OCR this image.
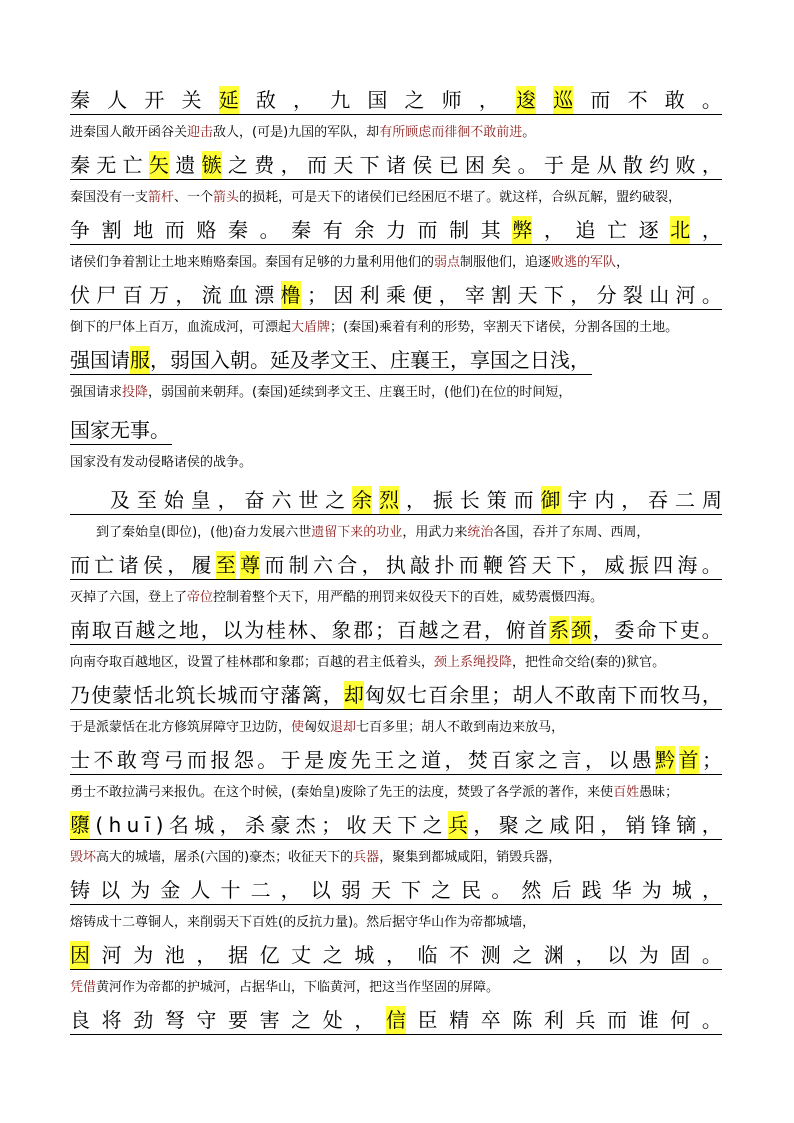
秦 人 开 关 延 敌 ， 九 国 之 师 ， 逡 巡 而 不 敢 。
进秦国人敞开函谷关迎击敌人，(可是)九国的军队，却有所顾虑而徘徊不敢前进。
秦 无 亡 矢 遗 镞 之 费 ， 而 天 下 诸 侯 已 困 矣 。 于 是 从 散 约 败 ，
秦国没有一支箭杆、一个箭头的损耗，可是天下的诸侯们已经困厄不堪了。就这样，合纵瓦解，盟约破裂，
争 割 地 而 赂 秦 。 秦 有 余 力 而 制 其 弊 ， 追 亡 逐 北 ，
诸侯们争着割让土地来贿赂秦国。秦国有足够的力量利用他们的弱点制服他们，追逐败逃的军队，
伏 尸 百 万 ， 流 血 漂 橹 ； 因 利 乘 便 ， 宰 割 天 下 ， 分 裂 山 河 。
倒下的尸体上百万，血流成河，可漂起大盾牌；(秦国)乘着有利的形势，宰割天下诸侯，分割各国的土地。
强国请 服 ，弱国入朝。延及孝文王、庄襄王，享国之日浅，
强国请求投降，弱国前来朝拜。(秦国)延续到孝文王、庄襄王时，(他们)在位的时间短，
国家无事。
国家没有发动侵略诸侯的战争。
及 至 始 皇 ， 奋 六 世 之 余 烈 ， 振 长 策 而 御 宇 内 ， 吞 二 周
到了秦始皇(即位)，(他)奋力发展六世遗留下来的功业，用武力来统治各国，吞并了东周、西周，
而 亡 诸 侯 ， 履 至 尊 而 制 六 合 ， 执 敲 扑 而 鞭 笞 天 下 ， 威 振 四 海 。
灭掉了六国，登上了帝位控制着整个天下，用严酷的刑罚来奴役天下的百姓，威势震慑四海。
南 取 百 越 之 地 ， 以 为 桂 林 、 象 郡 ； 百 越 之 君 ， 俯 首 系 颈 ， 委 命 下 吏 。
向南夺取百越地区，设置了桂林郡和象郡；百越的君主低着头，颈上系绳投降，把性命交给(秦的)狱官。
乃 使 蒙 恬 北 筑 长 城 而 守 藩 篱 ， 却 匈 奴 七 百 余 里 ； 胡 人 不 敢 南 下 而 牧 马 ，
于是派蒙恬在北方修筑屏障守卫边防，使匈奴退却七百多里；胡人不敢到南边来放马，
士 不 敢 弯 弓 而 报 怨 。 于 是 废 先 王 之 道 ， 焚 百 家 之 言 ， 以 愚 黔 首 ；
勇士不敢拉满弓来报仇。在这个时候，(秦始皇)废除了先王的法度，焚毁了各学派的著作，来使百姓愚昧；
隳 ( h u ī ) 名 城 ， 杀 豪 杰 ； 收 天 下 之 兵 ， 聚 之 咸 阳 ， 销 锋 镝 ，
毁坏高大的城墙，屠杀(六国的)豪杰；收征天下的兵器，聚集到都城咸阳，销毁兵器，
铸 以 为 金 人 十 二 ， 以 弱 天 下 之 民 。 然 后 践 华 为 城 ，
熔铸成十二尊铜人，来削弱天下百姓(的反抗力量)。然后据守华山作为帝都城墙，
因 河 为 池 ， 据 亿 丈 之 城 ， 临 不 测 之 渊 ， 以 为 固 。
凭借黄河作为帝都的护城河，占据华山，下临黄河，把这当作坚固的屏障。
良 将 劲 弩 守 要 害 之 处 ， 信 臣 精 卒 陈 利 兵 而 谁 何 。
